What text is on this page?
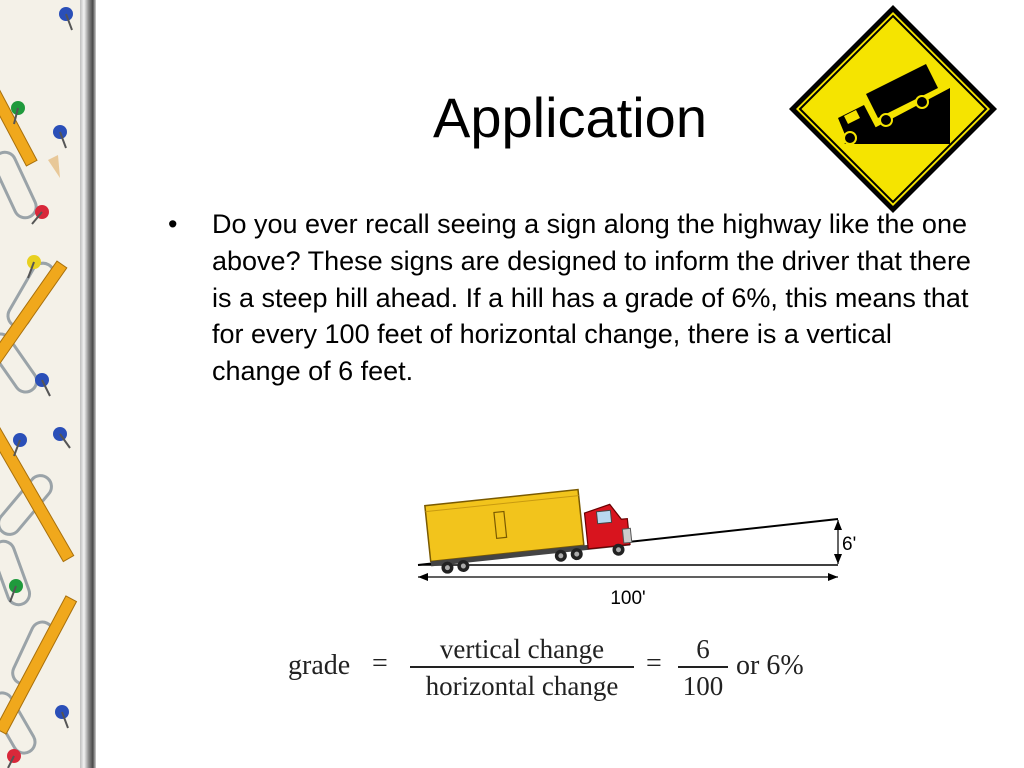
Application
•	Do you ever recall seeing a sign along the highway like the one above? These signs are designed to inform the driver that there is a steep hill ahead. If a hill has a grade of 6%, this means that for every 100 feet of horizontal change, there is a vertical change of 6 feet.
6'
100'
grade =	vertical change
horizontal change
=	6
100
or 6%
